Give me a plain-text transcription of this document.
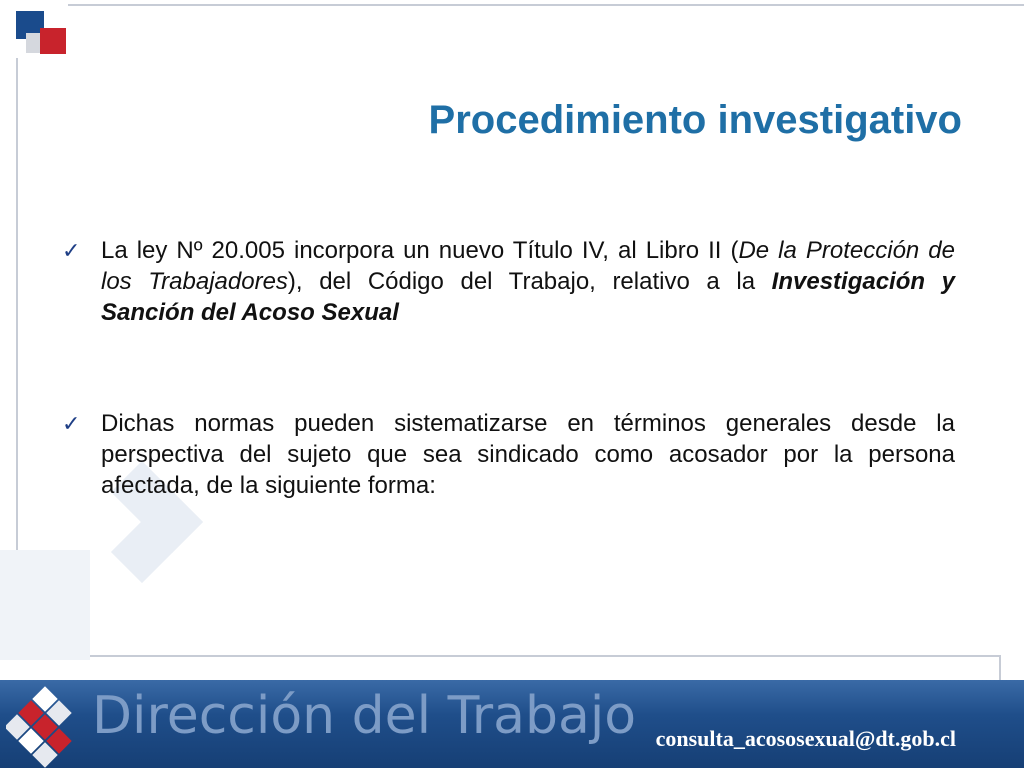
Procedimiento investigativo
✓ La ley Nº 20.005 incorpora un nuevo Título IV, al Libro II (De la Protección de los Trabajadores), del Código del Trabajo, relativo a la Investigación y Sanción del Acoso Sexual
✓ Dichas normas pueden sistematizarse en términos generales desde la perspectiva del sujeto que sea sindicado como acosador por la persona afectada, de la siguiente forma:
Dirección del Trabajo consulta_acososexual@dt.gob.cl
